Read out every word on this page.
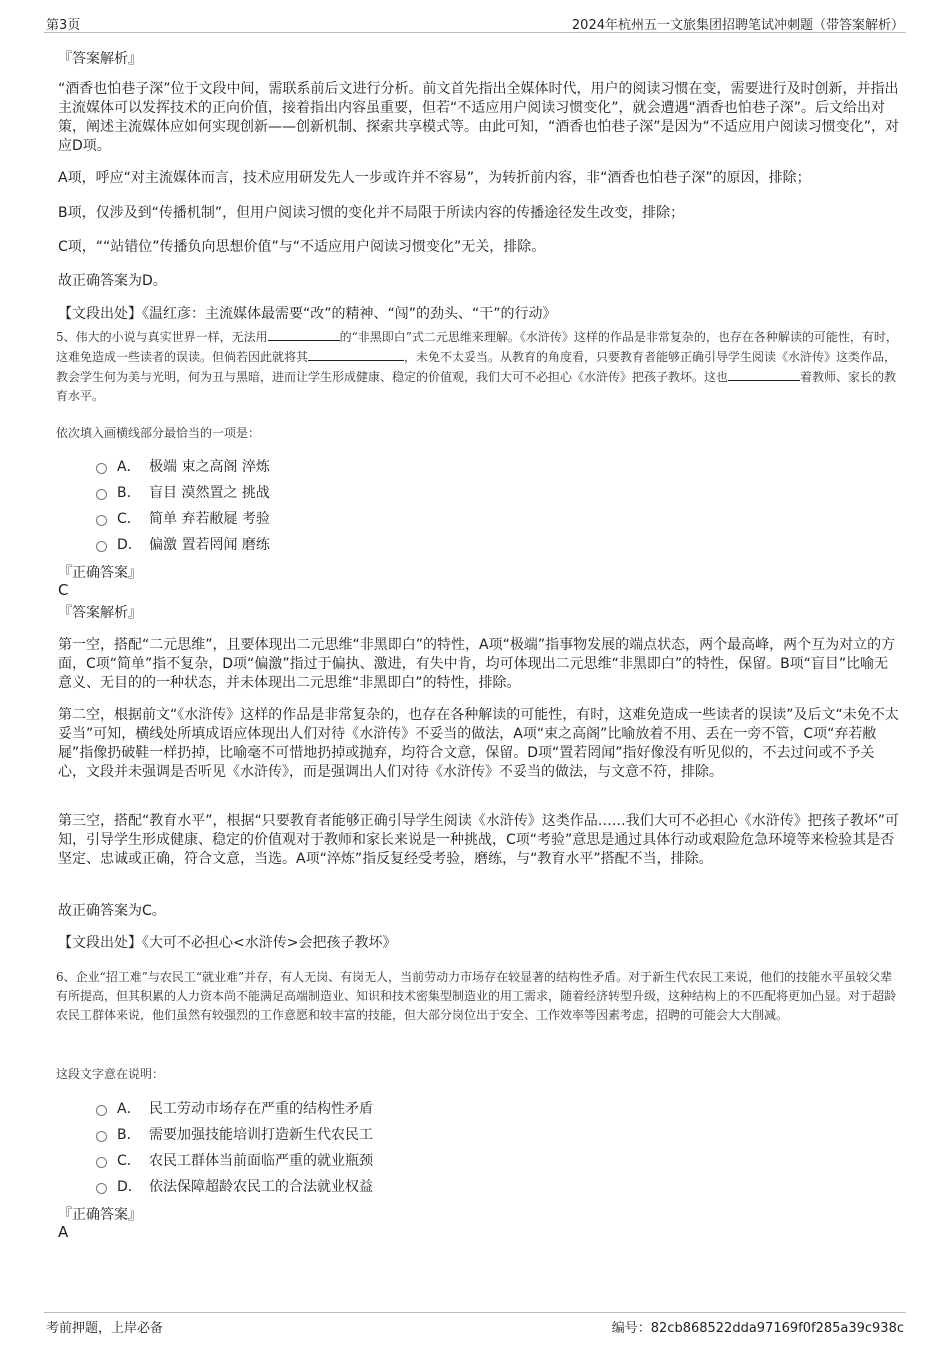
第3页	2024年杭州五一文旅集团招聘笔试冲刺题（带答案解析）
『答案解析』
“酒香也怕巷子深”位于文段中间，需联系前后文进行分析。前文首先指出全媒体时代，用户的阅读习惯在变，需要进行及时创新，并指出主流媒体可以发挥技术的正向价值，接着指出内容虽重要，但若“不适应用户阅读习惯变化”，就会遭遇“酒香也怕巷子深”。后文给出对策，阐述主流媒体应如何实现创新——创新机制、探索共享模式等。由此可知，“酒香也怕巷子深”是因为“不适应用户阅读习惯变化”，对应D项。
A项，呼应“对主流媒体而言，技术应用研发先人一步或许并不容易”，为转折前内容，非“酒香也怕巷子深”的原因，排除；
B项，仅涉及到“传播机制”，但用户阅读习惯的变化并不局限于所读内容的传播途径发生改变，排除；
C项，““站错位”传播负向思想价值”与“不适应用户阅读习惯变化”无关，排除。
故正确答案为D。
【文段出处】《温红彦：主流媒体最需要“改”的精神、“闯”的劲头、“干”的行动》
5、伟大的小说与真实世界一样，无法用	的“非黑即白”式二元思维来理解。《水浒传》这样的作品是非常复杂的，也存在各种解读的可能性，有时，这难免造成一些读者的误读。但倘若因此就将其	，未免不太妥当。从教育的角度看，只要教育者能够正确引导学生阅读《水浒传》这类作品，教会学生何为美与光明，何为丑与黑暗，进而让学生形成健康、稳定的价值观，我们大可不必担心《水浒传》把孩子教坏。这也	着教师、家长的教育水平。
依次填入画横线部分最恰当的一项是：
A． 极端 束之高阁 淬炼
B． 盲目 漠然置之 挑战
C． 简单 弃若敝屣 考验
D． 偏激 置若罔闻 磨练
『正确答案』
C
『答案解析』
第一空，搭配“二元思维”，且要体现出二元思维“非黑即白”的特性，A项“极端”指事物发展的端点状态，两个最高峰，两个互为对立的方面，C项“简单”指不复杂，D项“偏激”指过于偏执、激进，有失中肯，均可体现出二元思维“非黑即白”的特性，保留。B项“盲目”比喻无意义、无目的的一种状态，并未体现出二元思维“非黑即白”的特性，排除。
第二空，根据前文“《水浒传》这样的作品是非常复杂的，也存在各种解读的可能性，有时，这难免造成一些读者的误读”及后文“未免不太妥当”可知，横线处所填成语应体现出人们对待《水浒传》不妥当的做法，A项“束之高阁”比喻放着不用、丢在一旁不管，C项“弃若敝屣”指像扔破鞋一样扔掉，比喻毫不可惜地扔掉或抛弃，均符合文意，保留。D项“置若罔闻”指好像没有听见似的，不去过问或不予关心，文段并未强调是否听见《水浒传》，而是强调出人们对待《水浒传》不妥当的做法，与文意不符，排除。
第三空，搭配“教育水平”，根据“只要教育者能够正确引导学生阅读《水浒传》这类作品……我们大可不必担心《水浒传》把孩子教坏”可知，引导学生形成健康、稳定的价值观对于教师和家长来说是一种挑战，C项“考验”意思是通过具体行动或艰险危急环境等来检验其是否坚定、忠诚或正确，符合文意，当选。A项“淬炼”指反复经受考验，磨练，与“教育水平”搭配不当，排除。
故正确答案为C。
【文段出处】《大可不必担心<水浒传>会把孩子教坏》
6、企业“招工难”与农民工“就业难”并存，有人无岗、有岗无人，当前劳动力市场存在较显著的结构性矛盾。对于新生代农民工来说，他们的技能水平虽较父辈有所提高，但其积累的人力资本尚不能满足高端制造业、知识和技术密集型制造业的用工需求，随着经济转型升级，这种结构上的不匹配将更加凸显。对于超龄农民工群体来说，他们虽然有较强烈的工作意愿和较丰富的技能，但大部分岗位出于安全、工作效率等因素考虑，招聘的可能会大大削减。
这段文字意在说明：
A． 民工劳动市场存在严重的结构性矛盾
B． 需要加强技能培训打造新生代农民工
C． 农民工群体当前面临严重的就业瓶颈
D． 依法保障超龄农民工的合法就业权益
『正确答案』
A
考前押题，上岸必备	编号：82cb868522dda97169f0f285a39c938c
